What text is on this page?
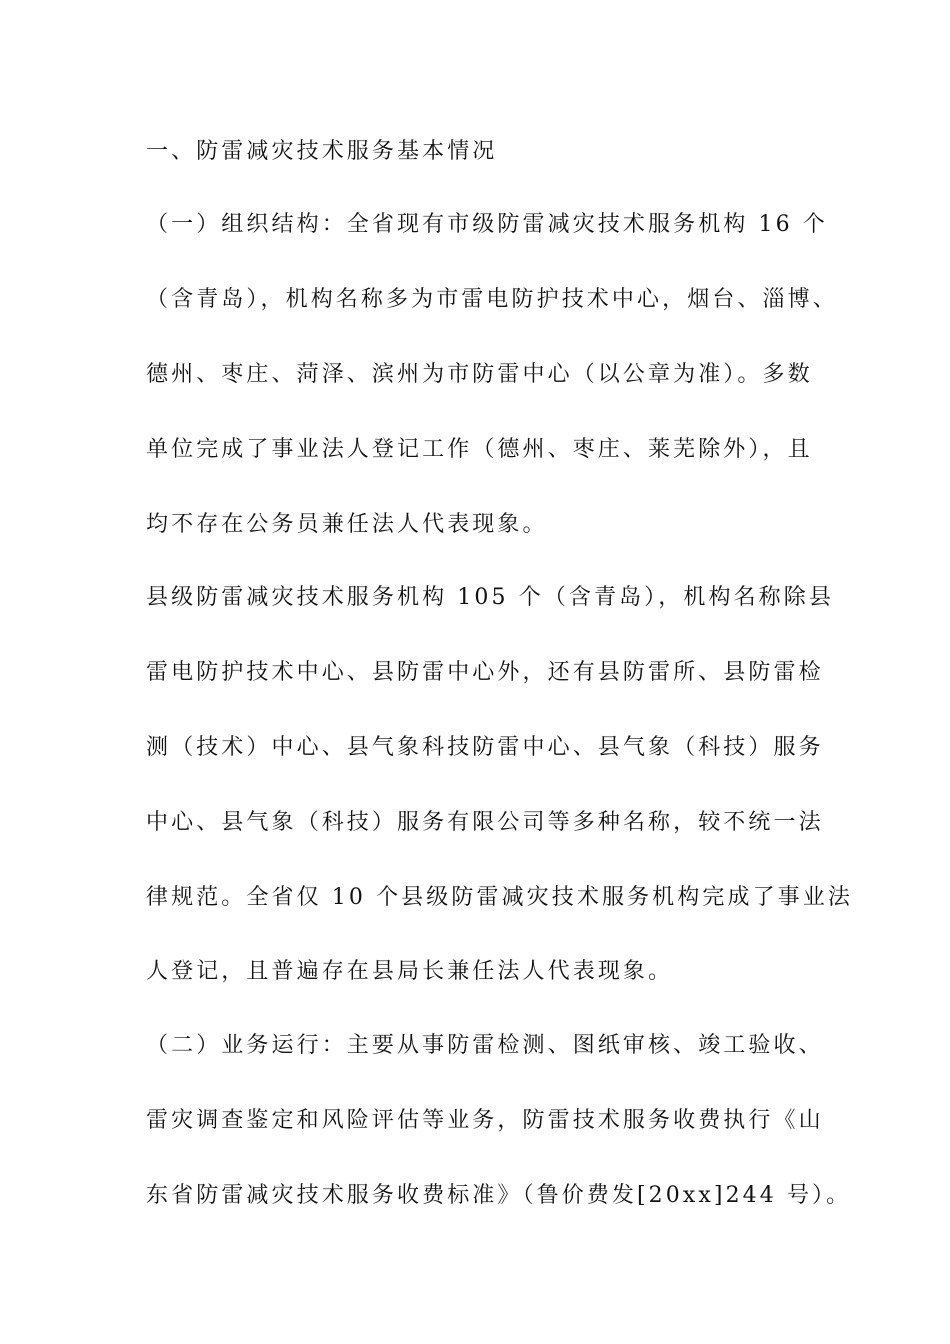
一、防雷减灾技术服务基本情况
（一）组织结构：全省现有市级防雷减灾技术服务机构 16 个
（含青岛），机构名称多为市雷电防护技术中心，烟台、淄博、
德州、枣庄、菏泽、滨州为市防雷中心（以公章为准）。多数
单位完成了事业法人登记工作（德州、枣庄、莱芜除外），且
均不存在公务员兼任法人代表现象。
县级防雷减灾技术服务机构 105 个（含青岛），机构名称除县
雷电防护技术中心、县防雷中心外，还有县防雷所、县防雷检
测（技术）中心、县气象科技防雷中心、县气象（科技）服务
中心、县气象（科技）服务有限公司等多种名称，较不统一法
律规范。全省仅 10 个县级防雷减灾技术服务机构完成了事业法
人登记，且普遍存在县局长兼任法人代表现象。
（二）业务运行：主要从事防雷检测、图纸审核、竣工验收、
雷灾调查鉴定和风险评估等业务，防雷技术服务收费执行《山
东省防雷减灾技术服务收费标准》（鲁价费发[20xx]244 号）。
